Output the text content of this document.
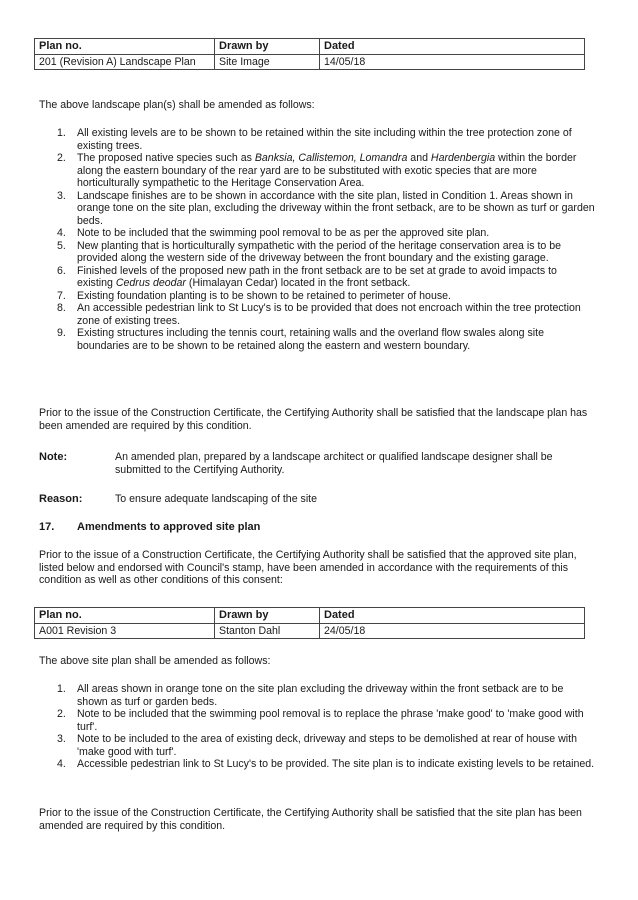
Plan no.	Drawn by	Dated
201 (Revision A) Landscape Plan	Site Image	14/05/18
The above landscape plan(s) shall be amended as follows:
1. All existing levels are to be shown to be retained within the site including within the tree protection zone of existing trees.
2. The proposed native species such as Banksia, Callistemon, Lomandra and Hardenbergia within the border along the eastern boundary of the rear yard are to be substituted with exotic species that are more horticulturally sympathetic to the Heritage Conservation Area.
3. Landscape finishes are to be shown in accordance with the site plan, listed in Condition 1. Areas shown in orange tone on the site plan, excluding the driveway within the front setback, are to be shown as turf or garden beds.
4. Note to be included that the swimming pool removal to be as per the approved site plan.
5. New planting that is horticulturally sympathetic with the period of the heritage conservation area is to be provided along the western side of the driveway between the front boundary and the existing garage.
6. Finished levels of the proposed new path in the front setback are to be set at grade to avoid impacts to existing Cedrus deodar (Himalayan Cedar) located in the front setback.
7. Existing foundation planting is to be shown to be retained to perimeter of house.
8. An accessible pedestrian link to St Lucy's is to be provided that does not encroach within the tree protection zone of existing trees.
9. Existing structures including the tennis court, retaining walls and the overland flow swales along site boundaries are to be shown to be retained along the eastern and western boundary.
Prior to the issue of the Construction Certificate, the Certifying Authority shall be satisfied that the landscape plan has been amended are required by this condition.
Note:	An amended plan, prepared by a landscape architect or qualified landscape designer shall be submitted to the Certifying Authority.
Reason:	To ensure adequate landscaping of the site
17. Amendments to approved site plan
Prior to the issue of a Construction Certificate, the Certifying Authority shall be satisfied that the approved site plan, listed below and endorsed with Council's stamp, have been amended in accordance with the requirements of this condition as well as other conditions of this consent:
Plan no.	Drawn by	Dated
A001 Revision 3	Stanton Dahl	24/05/18
The above site plan shall be amended as follows:
1. All areas shown in orange tone on the site plan excluding the driveway within the front setback are to be shown as turf or garden beds.
2. Note to be included that the swimming pool removal is to replace the phrase 'make good' to 'make good with turf'.
3. Note to be included to the area of existing deck, driveway and steps to be demolished at rear of house with 'make good with turf'.
4. Accessible pedestrian link to St Lucy's to be provided. The site plan is to indicate existing levels to be retained.
Prior to the issue of the Construction Certificate, the Certifying Authority shall be satisfied that the site plan has been amended are required by this condition.
